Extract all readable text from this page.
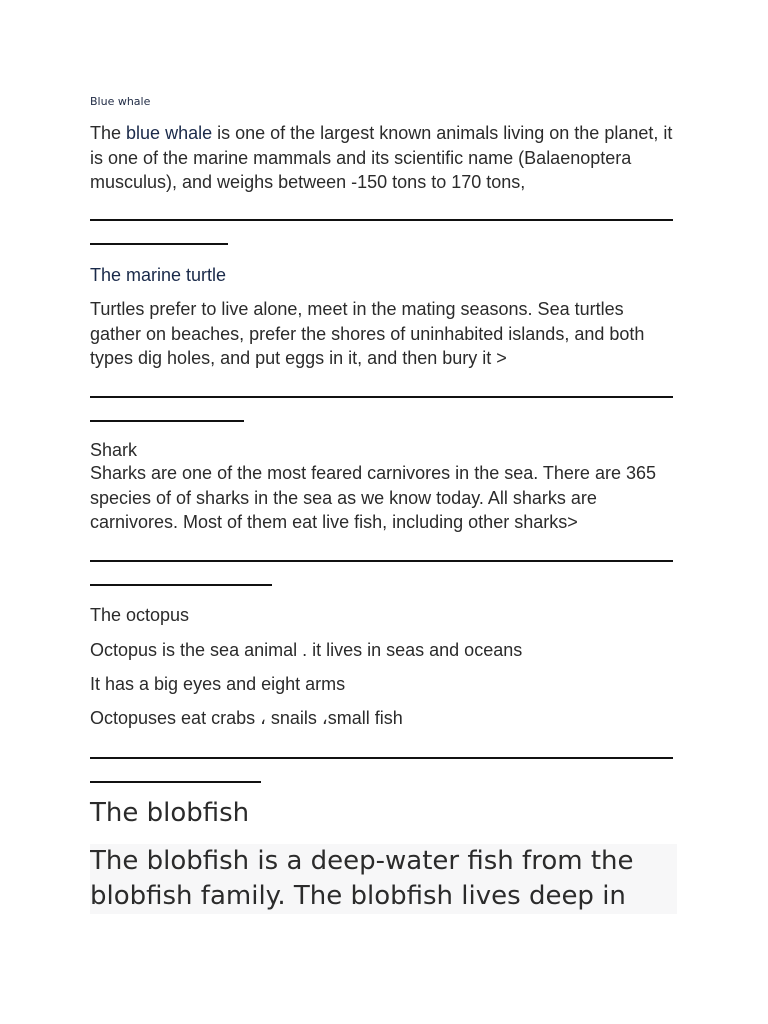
Blue whale

The blue whale is one of the largest known animals living on the planet, it is one of the marine mammals and its scientific name (Balaenoptera musculus), and weighs between -150 tons to 170 tons,

The marine turtle

Turtles prefer to live alone, meet in the mating seasons. Sea turtles gather on beaches, prefer the shores of uninhabited islands, and both types dig holes, and put eggs in it, and then bury it >

Shark

Sharks are one of the most feared carnivores in the sea. There are 365 species of of sharks in the sea as we know today. All sharks are carnivores. Most of them eat live fish, including other sharks>

The octopus

Octopus is the sea animal . it lives in seas and oceans

It has a big eyes and eight arms

Octopuses eat crabs ، snails ،small fish

The blobfish

The blobfish is a deep-water fish from the blobfish family. The blobfish lives deep in
